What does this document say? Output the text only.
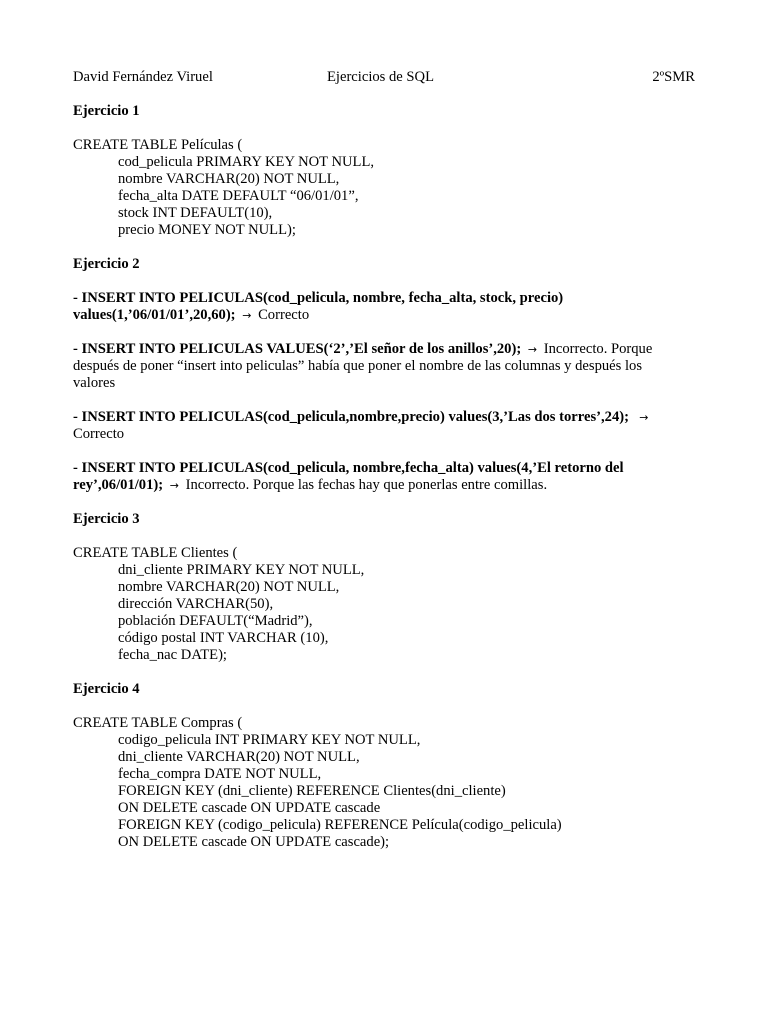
David Fernández Viruel	Ejercicios de SQL	2ºSMR
Ejercicio 1
CREATE TABLE Películas (
cod_pelicula PRIMARY KEY NOT NULL,
nombre VARCHAR(20) NOT NULL,
fecha_alta DATE DEFAULT “06/01/01”,
stock INT DEFAULT(10),
precio MONEY NOT NULL);
Ejercicio 2
- INSERT INTO PELICULAS(cod_pelicula, nombre, fecha_alta, stock, precio)
values(1,’06/01/01’,20,60); → Correcto
- INSERT INTO PELICULAS VALUES(‘2’,’El señor de los anillos’,20); → Incorrecto. Porque
después de poner “insert into peliculas” había que poner el nombre de las columnas y después los
valores
- INSERT INTO PELICULAS(cod_pelicula,nombre,precio) values(3,’Las dos torres’,24); →
Correcto
- INSERT INTO PELICULAS(cod_pelicula, nombre,fecha_alta) values(4,’El retorno del
rey’,06/01/01); → Incorrecto. Porque las fechas hay que ponerlas entre comillas.
Ejercicio 3
CREATE TABLE Clientes (
dni_cliente PRIMARY KEY NOT NULL,
nombre VARCHAR(20) NOT NULL,
dirección VARCHAR(50),
población DEFAULT(“Madrid”),
código postal INT VARCHAR (10),
fecha_nac DATE);
Ejercicio 4
CREATE TABLE Compras (
codigo_pelicula INT PRIMARY KEY NOT NULL,
dni_cliente VARCHAR(20) NOT NULL,
fecha_compra DATE NOT NULL,
FOREIGN KEY (dni_cliente) REFERENCE Clientes(dni_cliente)
ON DELETE cascade ON UPDATE cascade
FOREIGN KEY (codigo_pelicula) REFERENCE Película(codigo_pelicula)
ON DELETE cascade ON UPDATE cascade);
